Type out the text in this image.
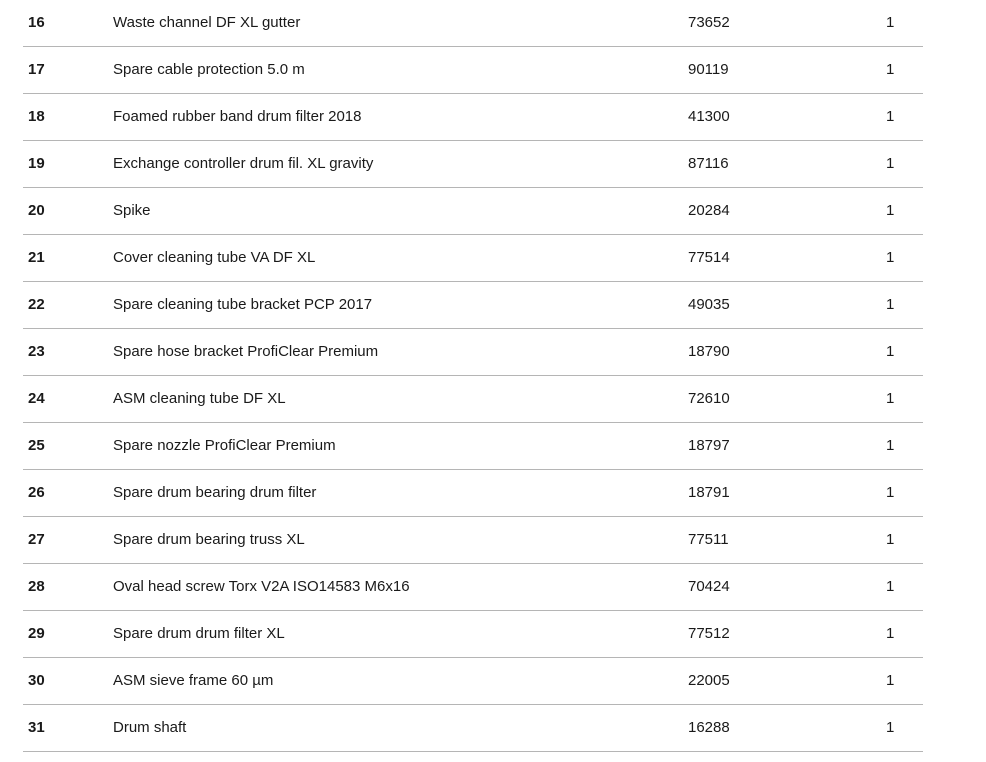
16	Waste channel DF XL gutter	73652	1
17	Spare cable protection 5.0 m	90119	1
18	Foamed rubber band drum filter 2018	41300	1
19	Exchange controller drum fil. XL gravity	87116	1
20	Spike	20284	1
21	Cover cleaning tube VA DF XL	77514	1
22	Spare cleaning tube bracket PCP 2017	49035	1
23	Spare hose bracket ProfiClear Premium	18790	1
24	ASM cleaning tube DF XL	72610	1
25	Spare nozzle ProfiClear Premium	18797	1
26	Spare drum bearing drum filter	18791	1
27	Spare drum bearing truss XL	77511	1
28	Oval head screw Torx V2A ISO14583 M6x16	70424	1
29	Spare drum drum filter XL	77512	1
30	ASM sieve frame 60 µm	22005	1
31	Drum shaft	16288	1
